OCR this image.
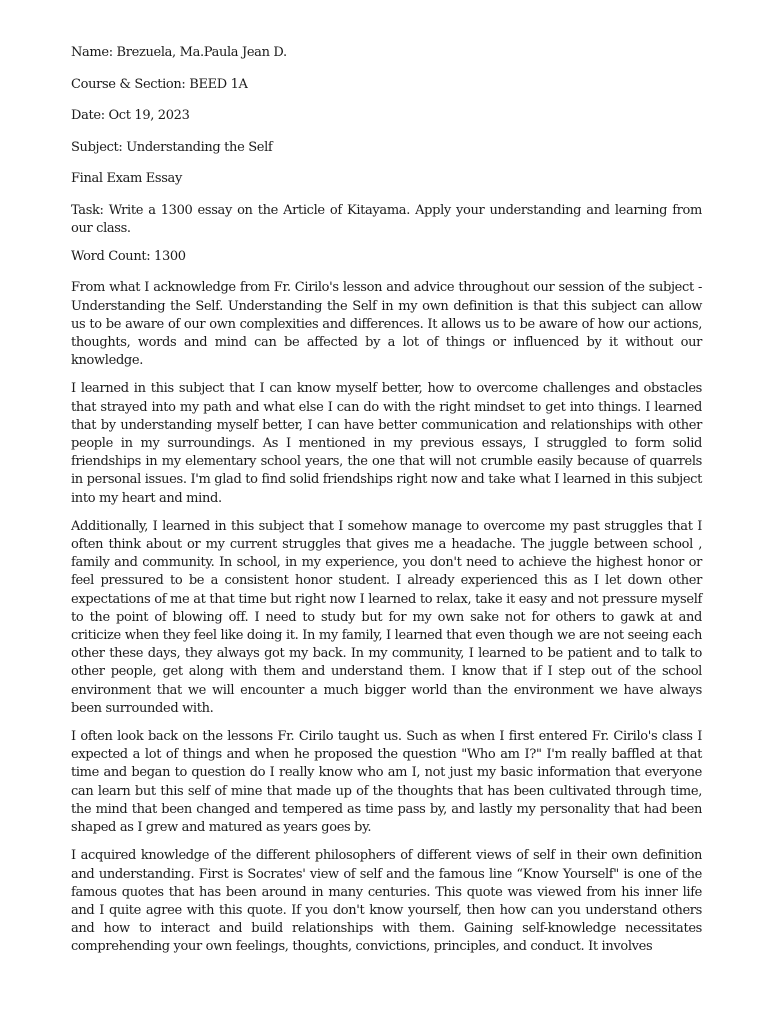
Name: Brezuela, Ma.Paula Jean D.
Course & Section: BEED 1A
Date: Oct 19, 2023
Subject: Understanding the Self
Final Exam Essay
Task: Write a 1300 essay on the Article of Kitayama. Apply your understanding and learning from our class.
Word Count: 1300
From what I acknowledge from Fr. Cirilo's lesson and advice throughout our session of the subject - Understanding the Self. Understanding the Self in my own definition is that this subject can allow us to be aware of our own complexities and differences. It allows us to be aware of how our actions, thoughts, words and mind can be affected by a lot of things or influenced by it without our knowledge.
I learned in this subject that I can know myself better, how to overcome challenges and obstacles that strayed into my path and what else I can do with the right mindset to get into things. I learned that by understanding myself better, I can have better communication and relationships with other people in my surroundings. As I mentioned in my previous essays, I struggled to form solid friendships in my elementary school years, the one that will not crumble easily because of quarrels in personal issues. I'm glad to find solid friendships right now and take what I learned in this subject into my heart and mind.
Additionally, I learned in this subject that I somehow manage to overcome my past struggles that I often think about or my current struggles that gives me a headache. The juggle between school , family and community. In school, in my experience, you don't need to achieve the highest honor or feel pressured to be a consistent honor student. I already experienced this as I let down other expectations of me at that time but right now I learned to relax, take it easy and not pressure myself to the point of blowing off. I need to study but for my own sake not for others to gawk at and criticize when they feel like doing it. In my family, I learned that even though we are not seeing each other these days, they always got my back. In my community, I learned to be patient and to talk to other people, get along with them and understand them. I know that if I step out of the school environment that we will encounter a much bigger world than the environment we have always been surrounded with.
I often look back on the lessons Fr. Cirilo taught us. Such as when I first entered Fr. Cirilo's class I expected a lot of things and when he proposed the question "Who am I?" I'm really baffled at that time and began to question do I really know who am I, not just my basic information that everyone can learn but this self of mine that made up of the thoughts that has been cultivated through time, the mind that been changed and tempered as time pass by, and lastly my personality that had been shaped as I grew and matured as years goes by.
I acquired knowledge of the different philosophers of different views of self in their own definition and understanding. First is Socrates' view of self and the famous line “Know Yourself" is one of the famous quotes that has been around in many centuries. This quote was viewed from his inner life and I quite agree with this quote. If you don't know yourself, then how can you understand others and how to interact and build relationships with them. Gaining self-knowledge necessitates comprehending your own feelings, thoughts, convictions, principles, and conduct. It involves
